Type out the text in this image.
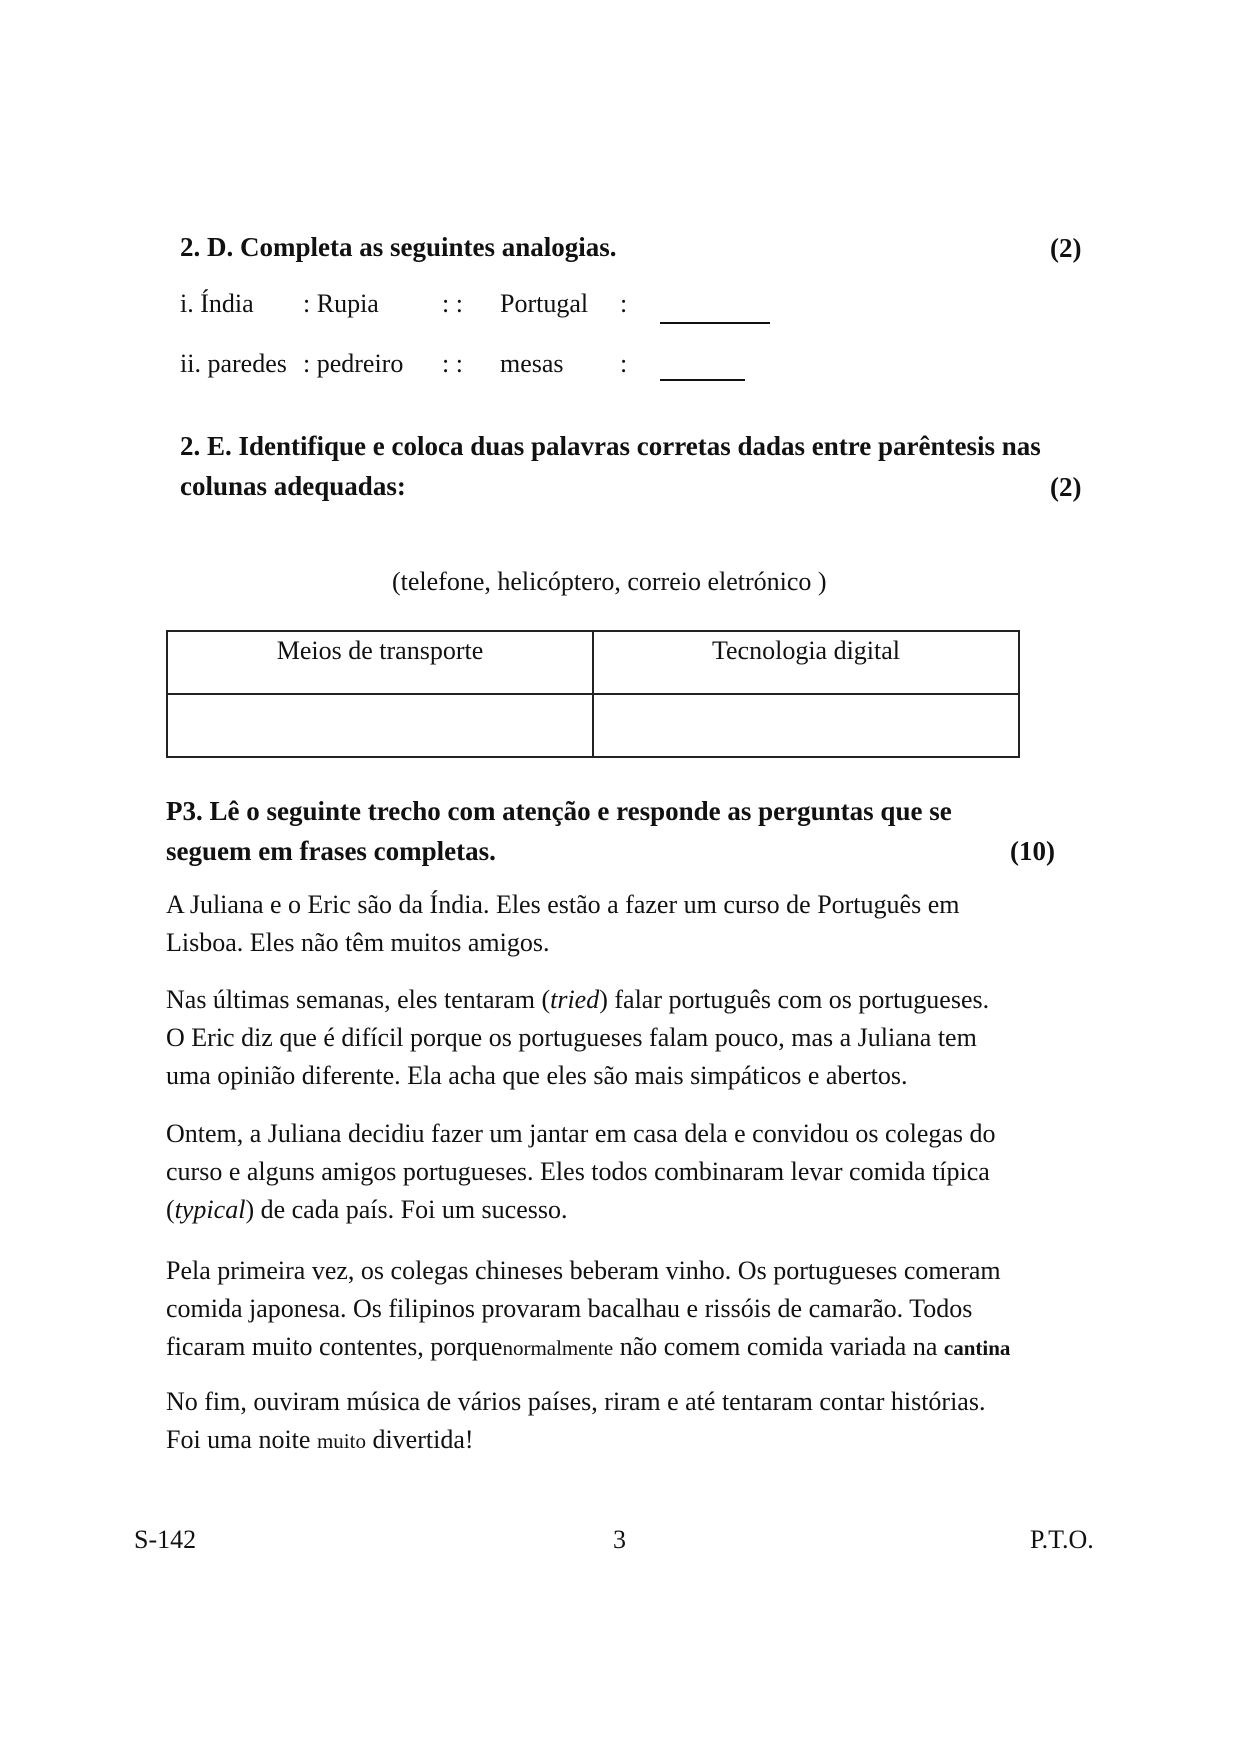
2. D. Completa as seguintes analogias.	(2)
i. Índia : Rupia : : Portugal :
ii. paredes : pedreiro : : mesas :
2. E. Identifique e coloca duas palavras corretas dadas entre parêntesis nas
colunas adequadas:	(2)
(telefone, helicóptero, correio eletrónico )
Meios de transporte	Tecnologia digital

P3. Lê o seguinte trecho com atenção e responde as perguntas que se
seguem em frases completas.	(10)
A Juliana e o Eric são da Índia. Eles estão a fazer um curso de Português em
Lisboa. Eles não têm muitos amigos.
Nas últimas semanas, eles tentaram (tried) falar português com os portugueses.
O Eric diz que é difícil porque os portugueses falam pouco, mas a Juliana tem
uma opinião diferente. Ela acha que eles são mais simpáticos e abertos.
Ontem, a Juliana decidiu fazer um jantar em casa dela e convidou os colegas do
curso e alguns amigos portugueses. Eles todos combinaram levar comida típica
(typical) de cada país. Foi um sucesso.
Pela primeira vez, os colegas chineses beberam vinho. Os portugueses comeram
comida japonesa. Os filipinos provaram bacalhau e rissóis de camarão. Todos
ficaram muito contentes, porquenormalmente não comem comida variada na cantina
No fim, ouviram música de vários países, riram e até tentaram contar histórias.
Foi uma noite muito divertida!
S-142	3	P.T.O.
